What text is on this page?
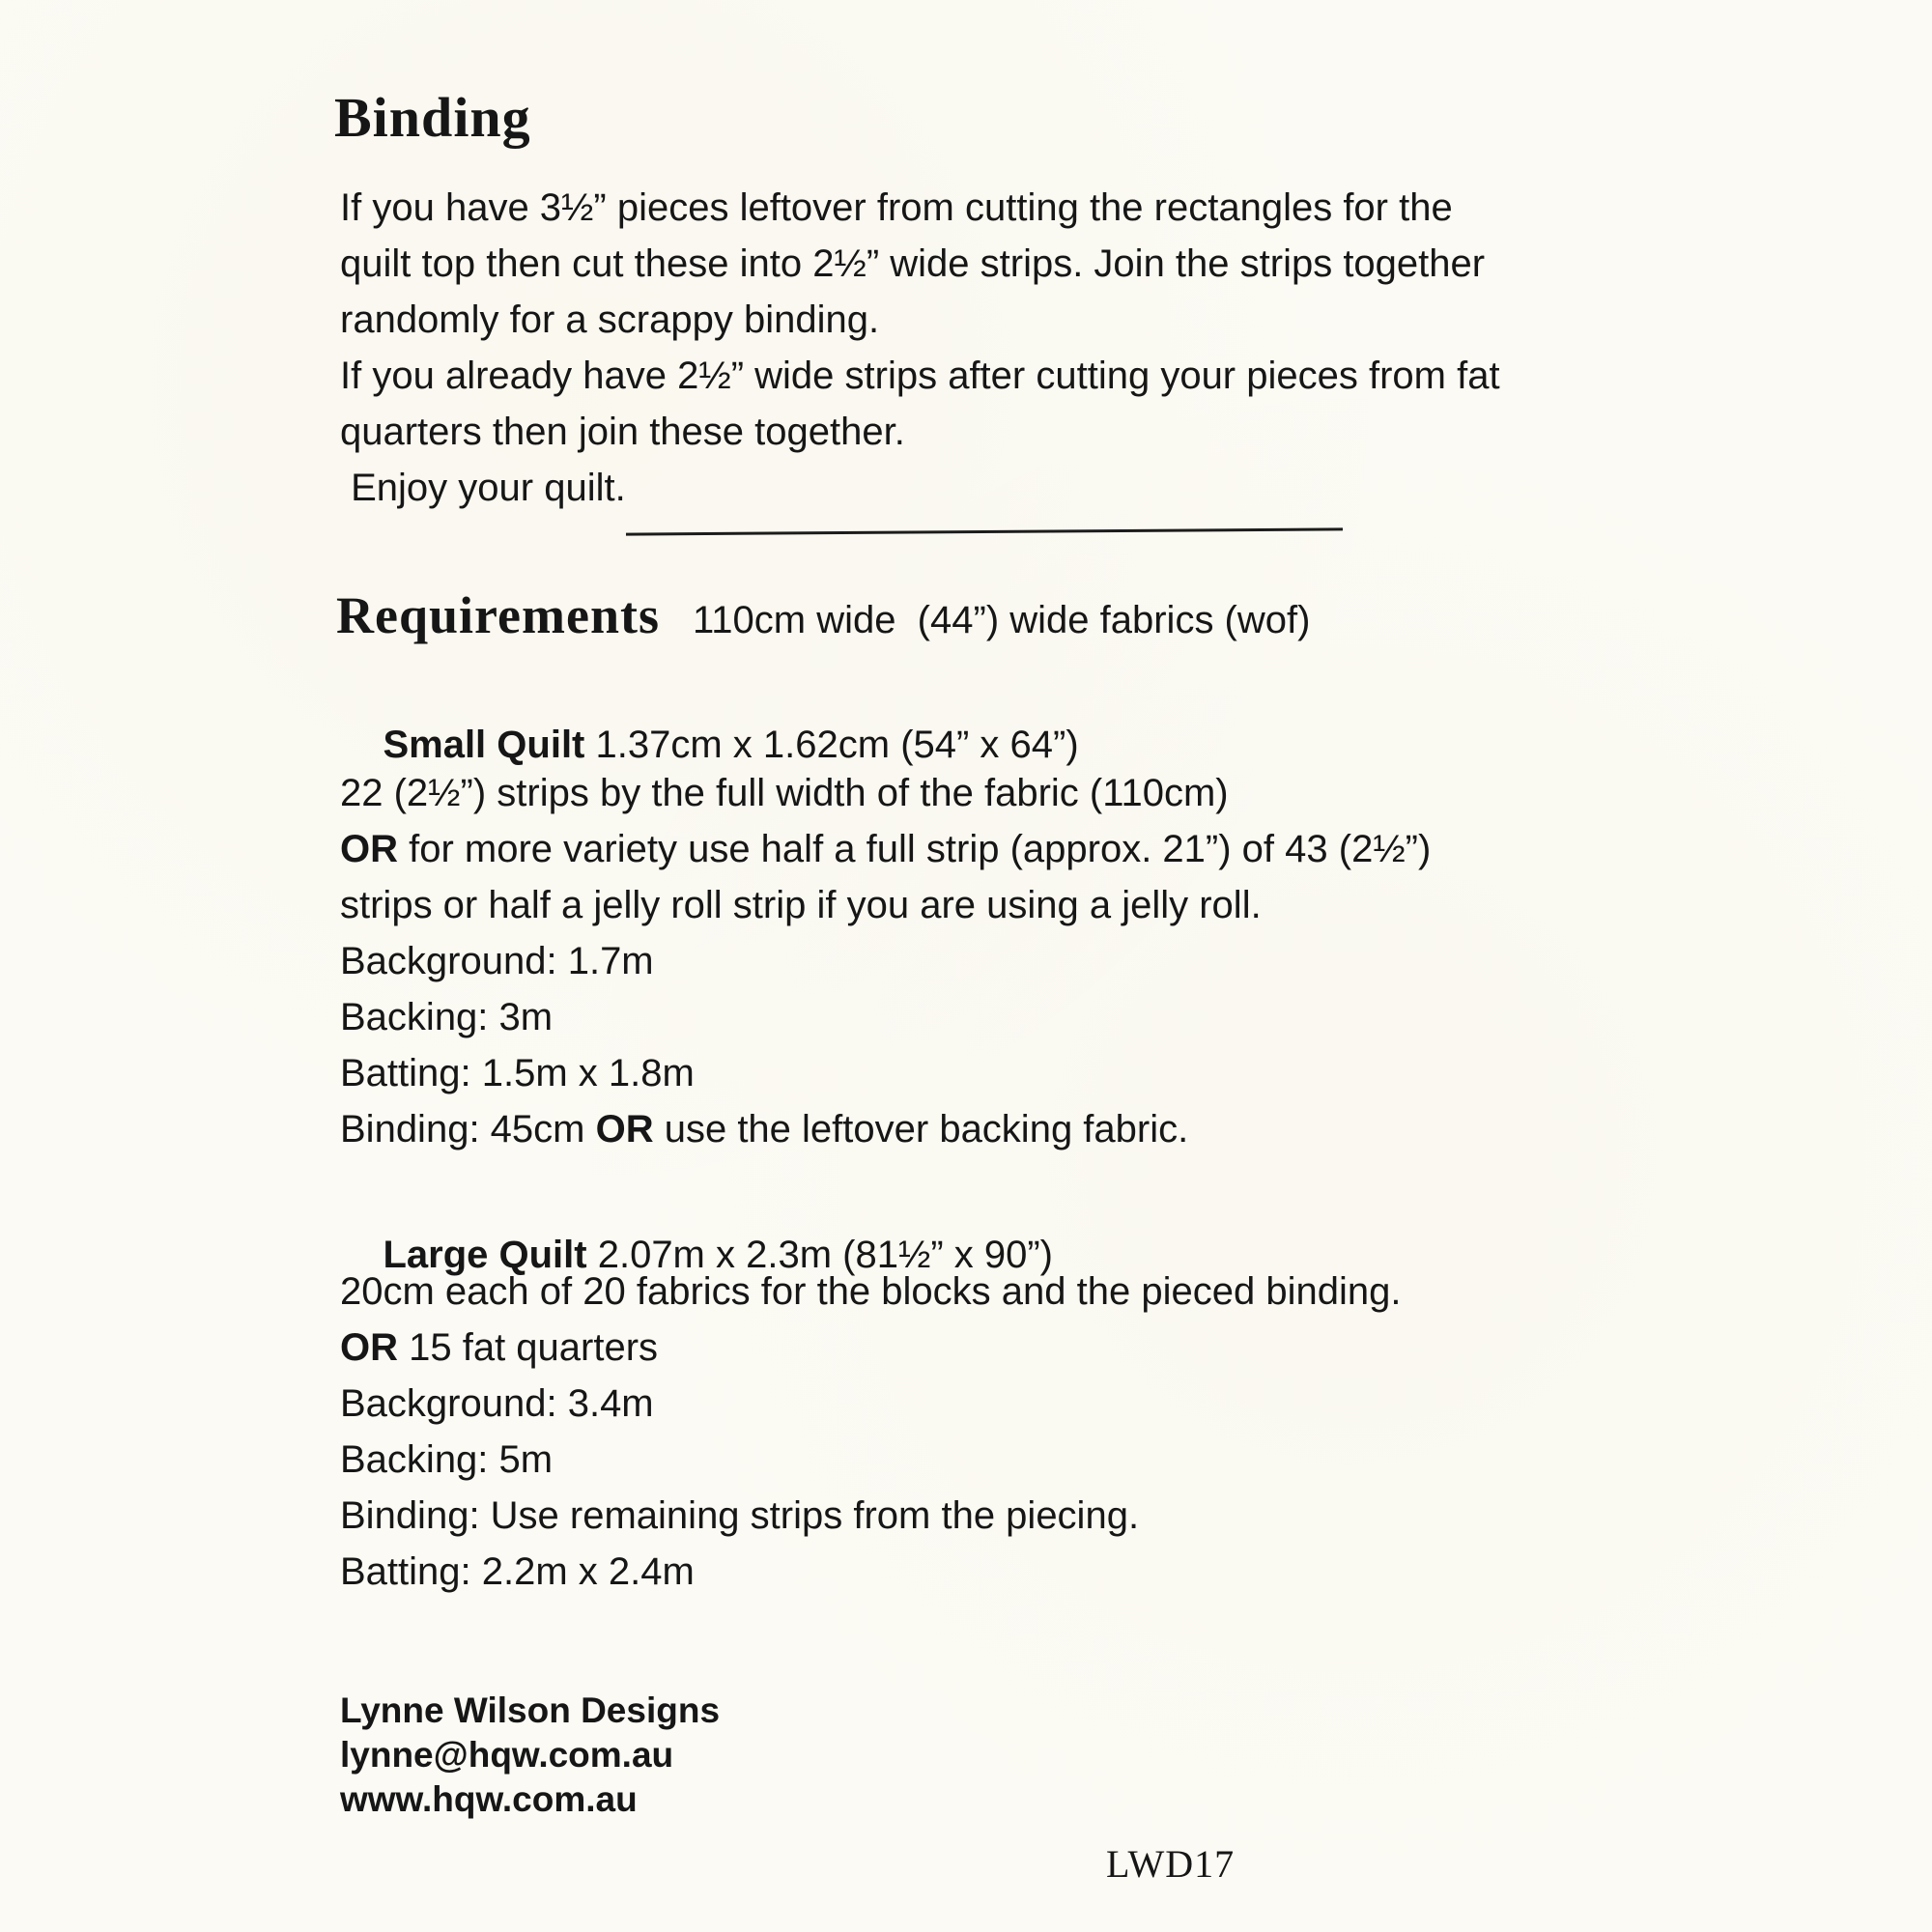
Binding
If you have 3½” pieces leftover from cutting the rectangles for the
quilt top then cut these into 2½” wide strips. Join the strips together
randomly for a scrappy binding.
If you already have 2½” wide strips after cutting your pieces from fat
quarters then join these together.
Enjoy your quilt.
Requirements 110cm wide  (44”) wide fabrics (wof)

Small Quilt 1.37cm x 1.62cm (54” x 64”)

22 (2½”) strips by the full width of the fabric (110cm)
OR for more variety use half a full strip (approx. 21”) of 43 (2½”)
strips or half a jelly roll strip if you are using a jelly roll.
Background: 1.7m
Backing: 3m
Batting: 1.5m x 1.8m
Binding: 45cm OR use the leftover backing fabric.

Large Quilt 2.07m x 2.3m (81½” x 90”)

20cm each of 20 fabrics for the blocks and the pieced binding.
OR 15 fat quarters
Background: 3.4m
Backing: 5m
Binding: Use remaining strips from the piecing.
Batting: 2.2m x 2.4m
Lynne Wilson Designs
lynne@hqw.com.au
www.hqw.com.au
LWD17
